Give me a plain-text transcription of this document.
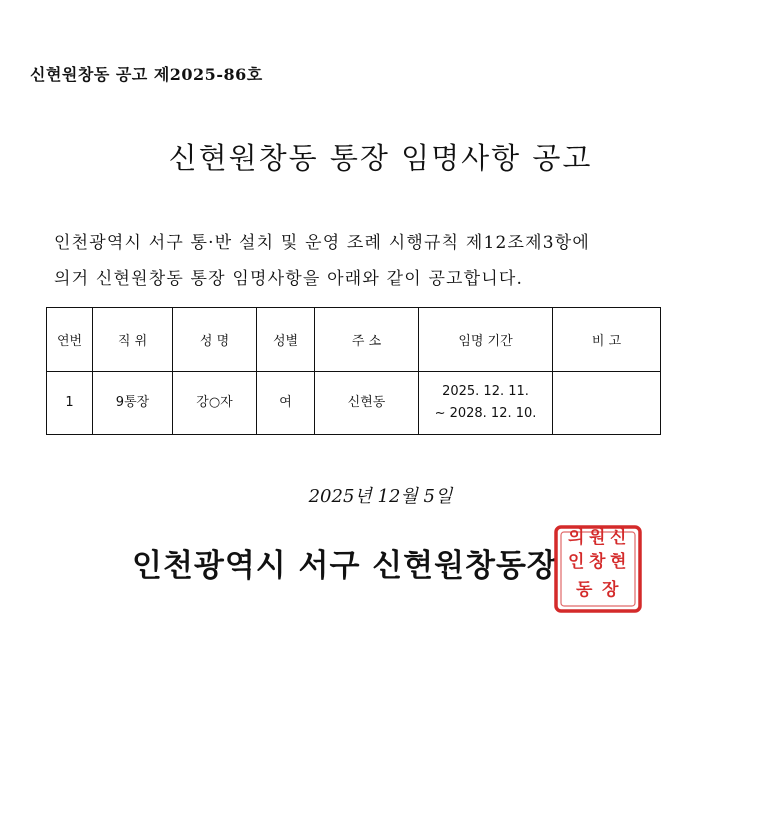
신현원창동 공고 제2025-86호
신현원창동 통장 임명사항 공고
인천광역시 서구 통·반 설치 및 운영 조례 시행규칙 제12조제3항에
의거 신현원창동 통장 임명사항을 아래와 같이 공고합니다.
연번	직 위	성 명	성별	주 소	임명 기간	비 고
1	9통장	강○자	여	신현동	2025. 12. 11.
~ 2028. 12. 10.	

2025년 12월 5일
인천광역시 서구 신현원창동장
의 원 신
인 창 현
동 장
